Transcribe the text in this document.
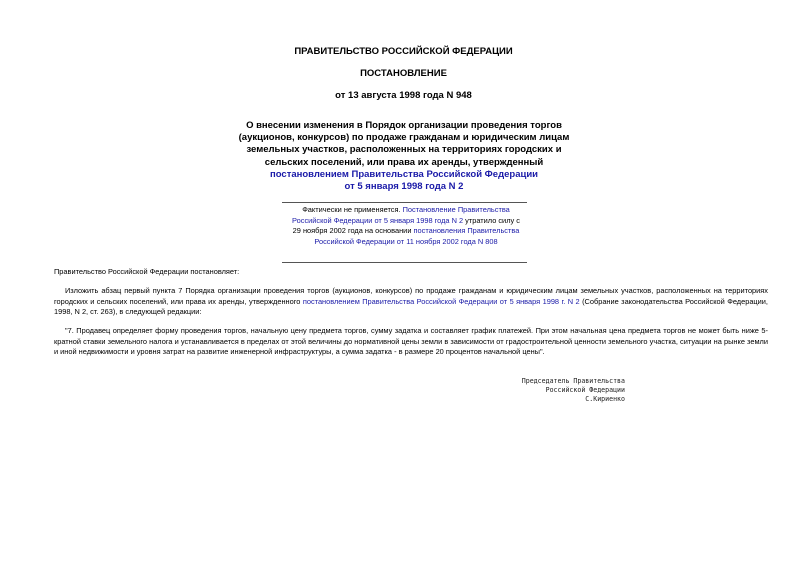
ПРАВИТЕЛЬСТВО РОССИЙСКОЙ ФЕДЕРАЦИИ
ПОСТАНОВЛЕНИЕ
от 13 августа 1998 года N 948
О внесении изменения в Порядок организации проведения торгов (аукционов, конкурсов) по продаже гражданам и юридическим лицам земельных участков, расположенных на территориях городских и сельских поселений, или права их аренды, утвержденный
постановлением Правительства Российской Федерации
от 5 января 1998 года N 2
Фактически не применяется. Постановление Правительства Российской Федерации от 5 января 1998 года N 2 утратило силу с 29 ноября 2002 года на основании постановления Правительства Российской Федерации от 11 ноября 2002 года N 808
Правительство Российской Федерации постановляет:
Изложить абзац первый пункта 7 Порядка организации проведения торгов (аукционов, конкурсов) по продаже гражданам и юридическим лицам земельных участков, расположенных на территориях городских и сельских поселений, или права их аренды, утвержденного постановлением Правительства Российской Федерации от 5 января 1998 г. N 2 (Собрание законодательства Российской Федерации, 1998, N 2, ст. 263), в следующей редакции:
"7. Продавец определяет форму проведения торгов, начальную цену предмета торгов, сумму задатка и составляет график платежей. При этом начальная цена предмета торгов не может быть ниже 5-кратной ставки земельного налога и устанавливается в пределах от этой величины до нормативной цены земли в зависимости от градостроительной ценности земельного участка, ситуации на рынке земли и иной недвижимости и уровня затрат на развитие инженерной инфраструктуры, а сумма задатка - в размере 20 процентов начальной цены".
Председатель Правительства
Российской Федерации
С.Кириенко
